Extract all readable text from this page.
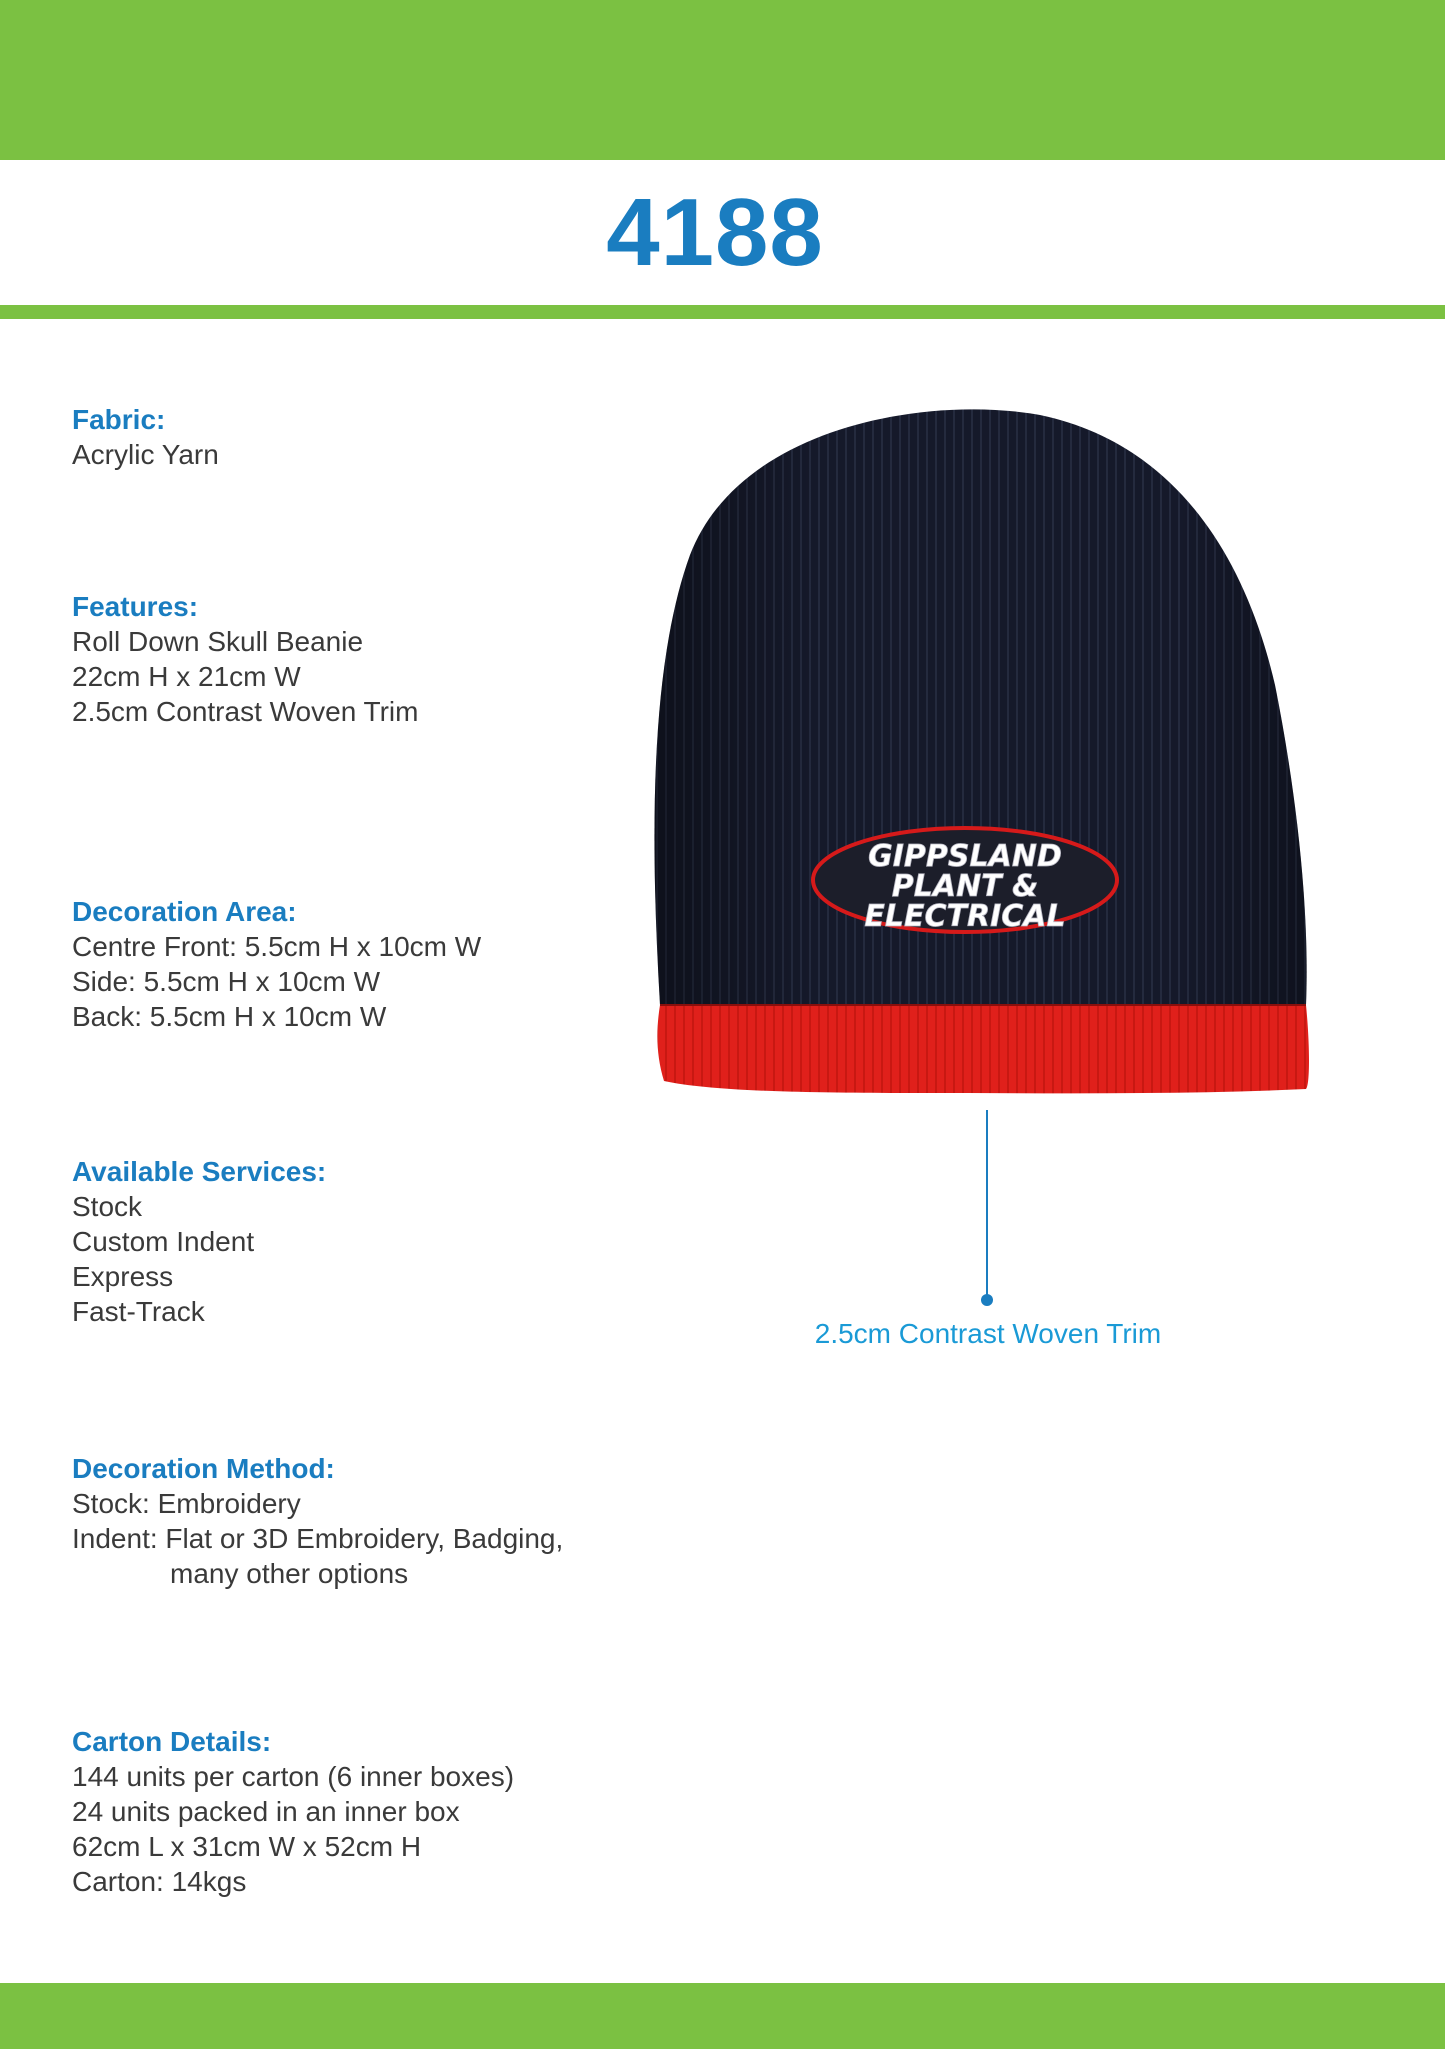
4188
Fabric:
Acrylic Yarn
Features:
Roll Down Skull Beanie
22cm H x 21cm W
2.5cm Contrast Woven Trim
Decoration Area:
Centre Front: 5.5cm H x 10cm W
Side: 5.5cm H x 10cm W
Back: 5.5cm H x 10cm W
Available Services:
Stock
Custom Indent
Express
Fast-Track
Decoration Method:
Stock: Embroidery
Indent: Flat or 3D Embroidery, Badging,
many other options
Carton Details:
144 units per carton (6 inner boxes)
24 units packed in an inner box
62cm L x 31cm W x 52cm H
Carton: 14kgs
GIPPSLAND
PLANT &
ELECTRICAL
2.5cm Contrast Woven Trim
